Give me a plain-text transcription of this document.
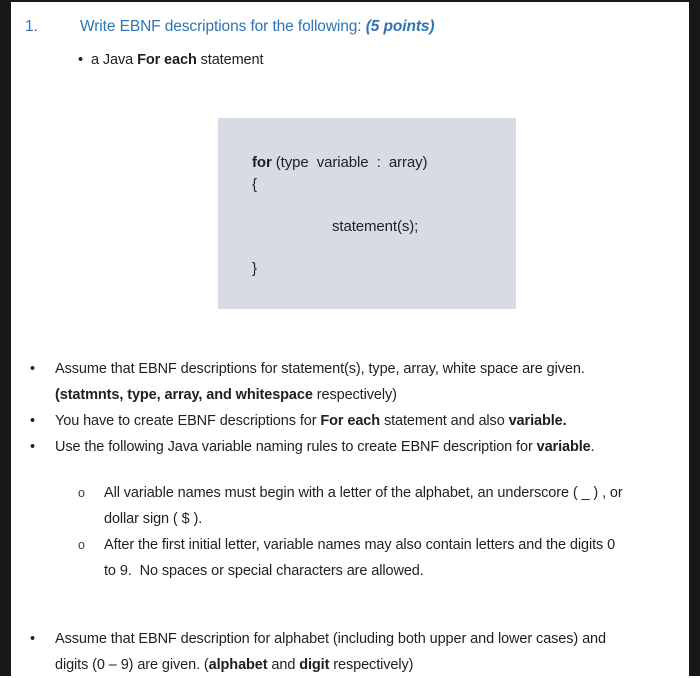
1.	Write EBNF descriptions for the following: (5 points)
• a Java For each statement
for (type  variable  :  array)
{
statement(s);
}
•	Assume that EBNF descriptions for statement(s), type, array, white space are given.
(statmnts, type, array, and whitespace respectively)
•	You have to create EBNF descriptions for For each statement and also variable.
•	Use the following Java variable naming rules to create EBNF description for variable.
o	All variable names must begin with a letter of the alphabet, an underscore ( _ ) , or
dollar sign ( $ ).
o	After the first initial letter, variable names may also contain letters and the digits 0
to 9.  No spaces or special characters are allowed.
•	Assume that EBNF description for alphabet (including both upper and lower cases) and
digits (0 – 9) are given. (alphabet and digit respectively)
